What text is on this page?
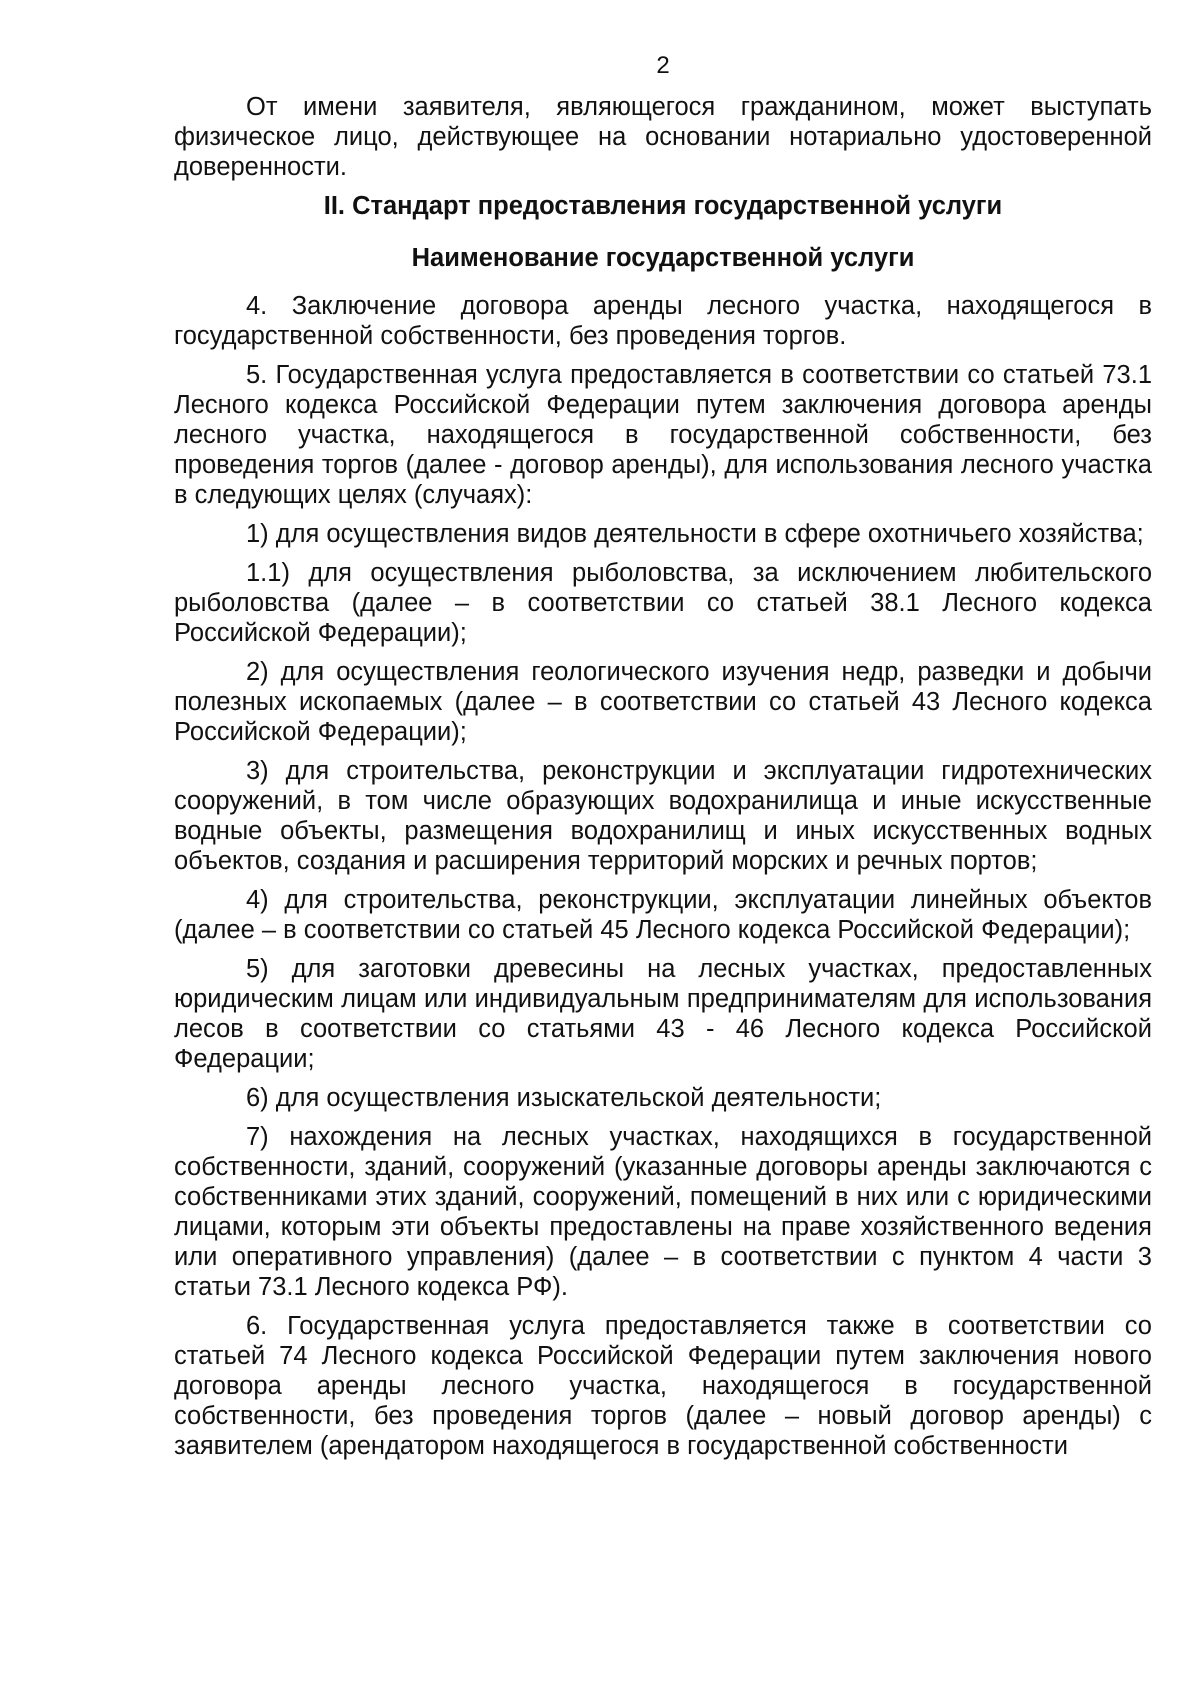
2

От имени заявителя, являющегося гражданином, может выступать физическое лицо, действующее на основании нотариально удостоверенной доверенности.

II. Стандарт предоставления государственной услуги

Наименование государственной услуги

4. Заключение договора аренды лесного участка, находящегося в государственной собственности, без проведения торгов.

5. Государственная услуга предоставляется в соответствии со статьей 73.1 Лесного кодекса Российской Федерации путем заключения договора аренды лесного участка, находящегося в государственной собственности, без проведения торгов (далее - договор аренды), для использования лесного участка в следующих целях (случаях):

1) для осуществления видов деятельности в сфере охотничьего хозяйства;

1.1) для осуществления рыболовства, за исключением любительского рыболовства (далее – в соответствии со статьей 38.1 Лесного кодекса Российской Федерации);

2) для осуществления геологического изучения недр, разведки и добычи полезных ископаемых (далее – в соответствии со статьей 43 Лесного кодекса Российской Федерации);

3) для строительства, реконструкции и эксплуатации гидротехнических сооружений, в том числе образующих водохранилища и иные искусственные водные объекты, размещения водохранилищ и иных искусственных водных объектов, создания и расширения территорий морских и речных портов;

4) для строительства, реконструкции, эксплуатации линейных объектов (далее – в соответствии со статьей 45 Лесного кодекса Российской Федерации);

5) для заготовки древесины на лесных участках, предоставленных юридическим лицам или индивидуальным предпринимателям для использования лесов в соответствии со статьями 43 - 46 Лесного кодекса Российской Федерации;

6) для осуществления изыскательской деятельности;

7) нахождения на лесных участках, находящихся в государственной собственности, зданий, сооружений (указанные договоры аренды заключаются с собственниками этих зданий, сооружений, помещений в них или с юридическими лицами, которым эти объекты предоставлены на праве хозяйственного ведения или оперативного управления) (далее – в соответствии с пунктом 4 части 3 статьи 73.1 Лесного кодекса РФ).

6. Государственная услуга предоставляется также в соответствии со статьей 74 Лесного кодекса Российской Федерации путем заключения нового договора аренды лесного участка, находящегося в государственной собственности, без проведения торгов (далее – новый договор аренды) с заявителем (арендатором находящегося в государственной собственности
